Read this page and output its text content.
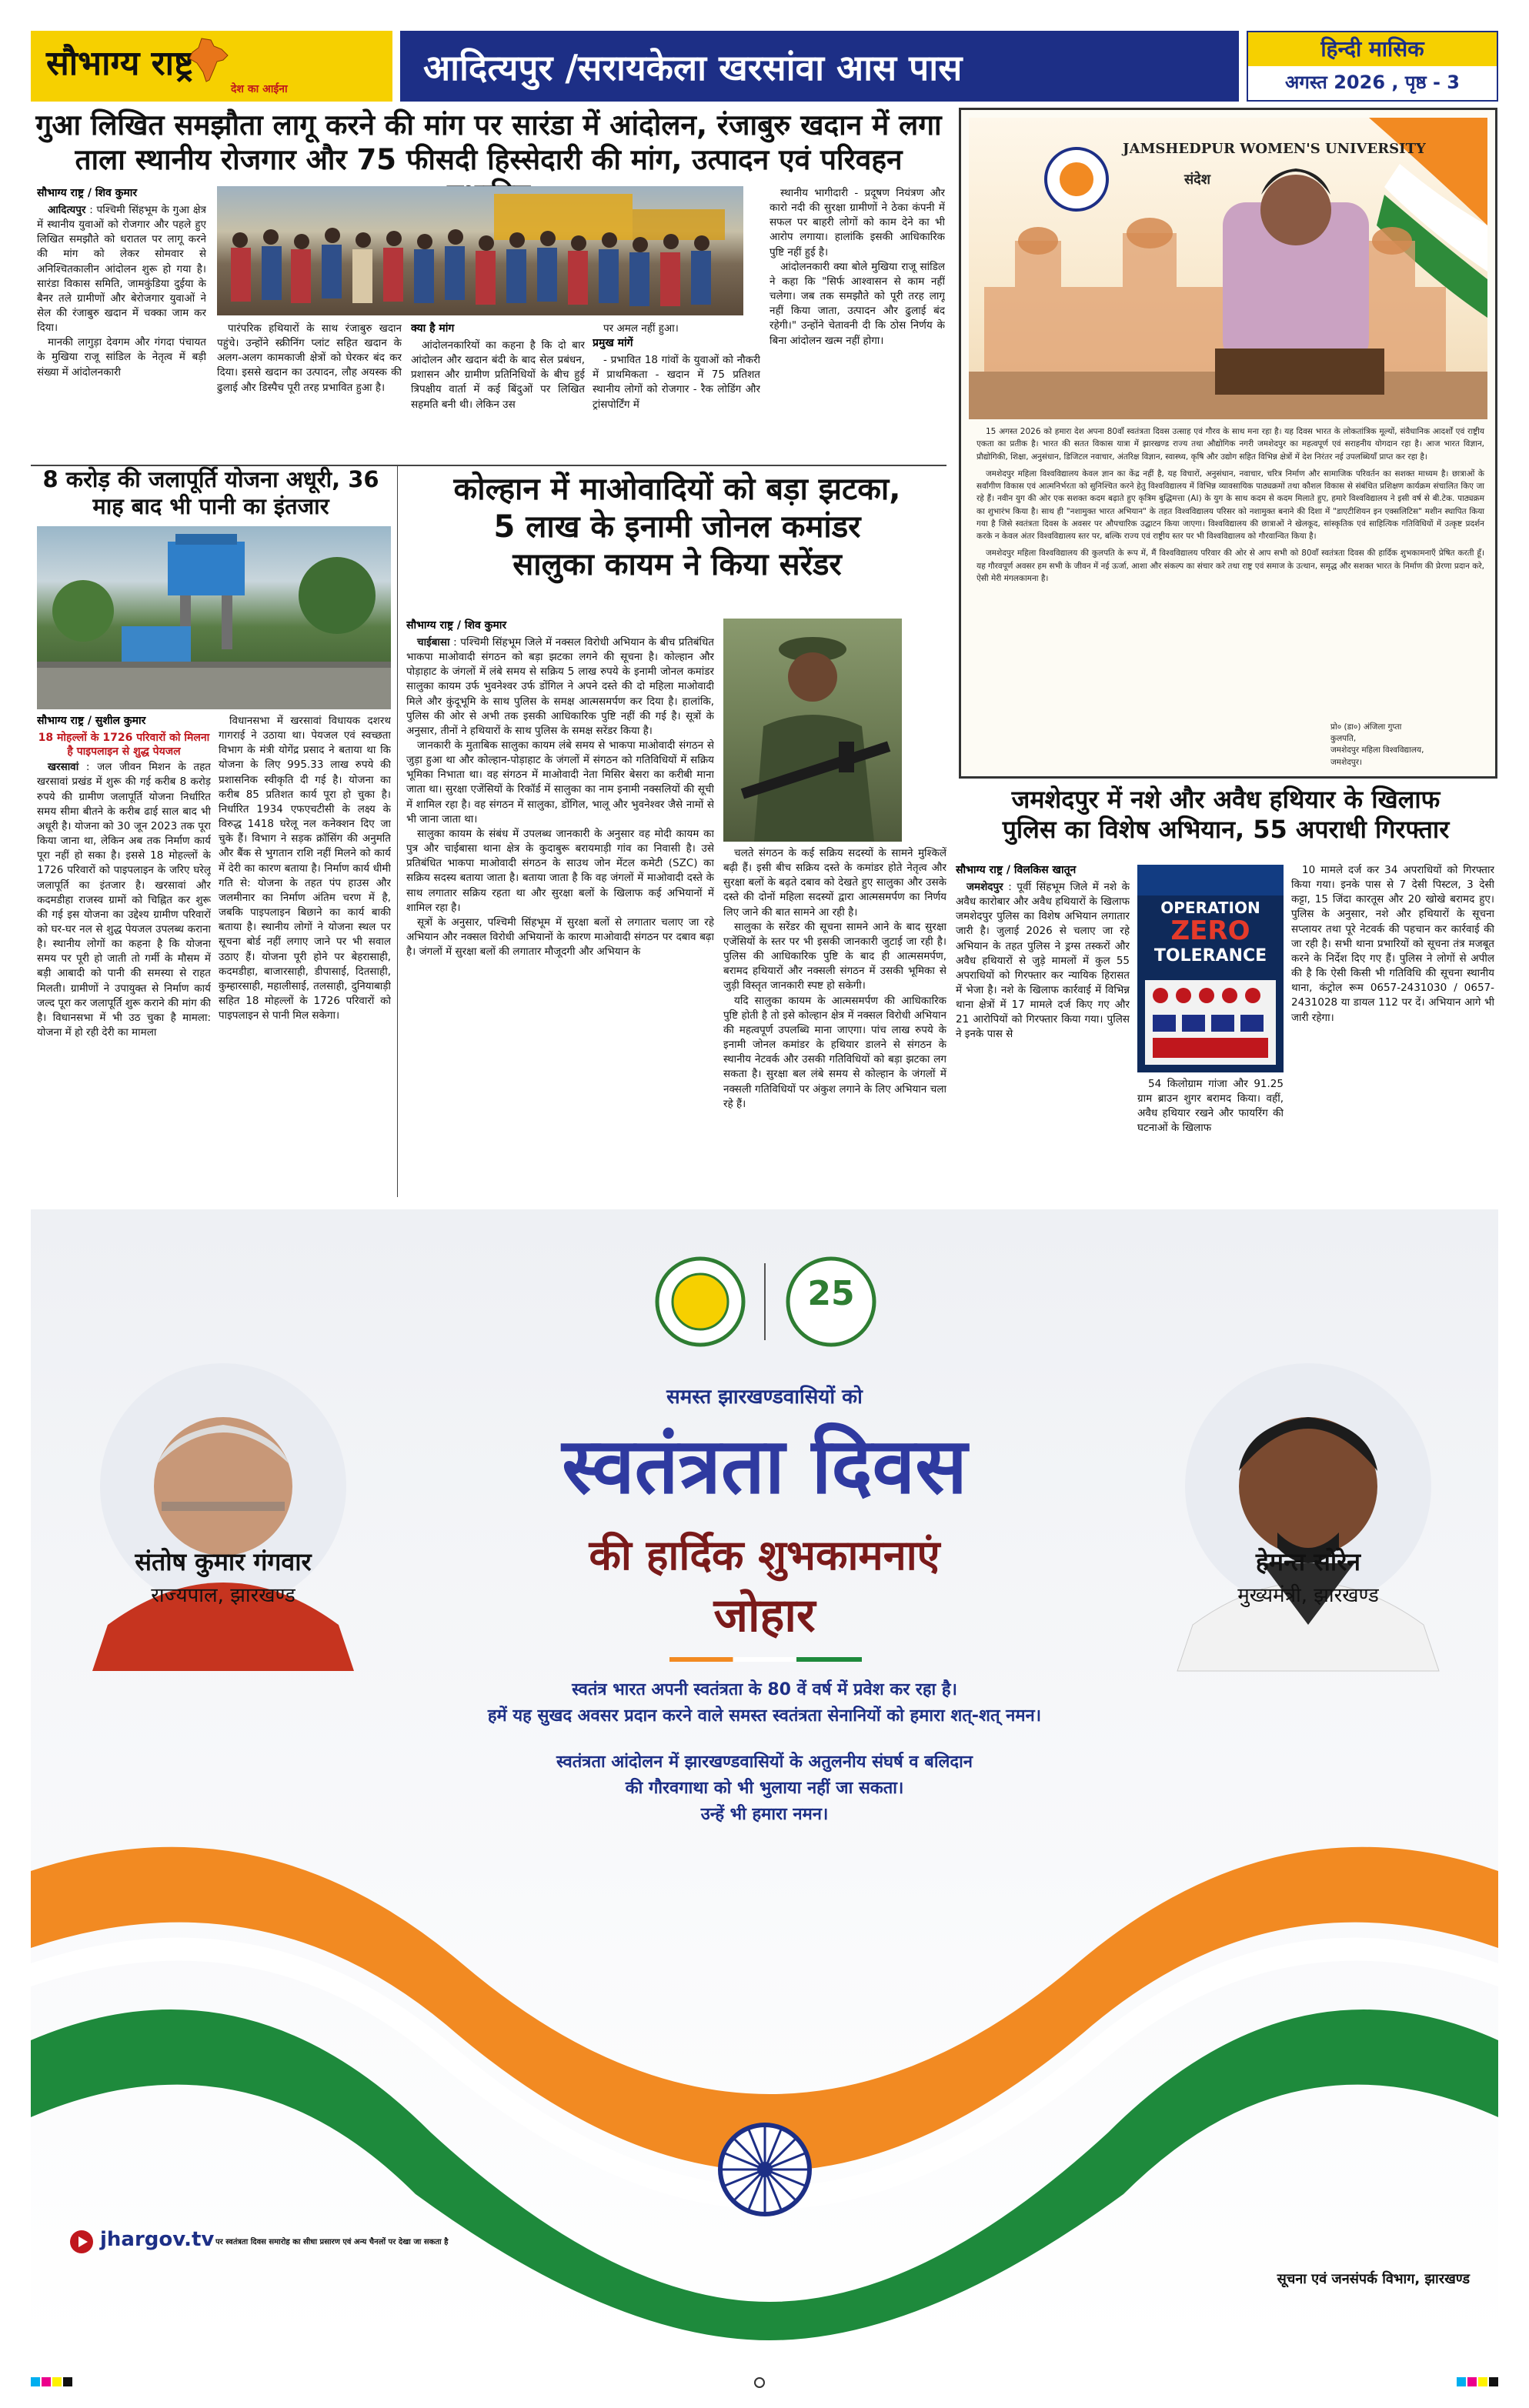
सौभाग्य राष्ट्र
देश का आईना
आदित्यपुर /सरायकेला खरसांवा आस पास	हिन्दी मासिक
अगस्त 2026 , पृष्ठ - 3
गुआ लिखित समझौता लागू करने की मांग पर सारंडा में आंदोलन, रंजाबुरु खदान में लगा
ताला स्थानीय रोजगार और 75 फीसदी हिस्सेदारी की मांग, उत्पादन एवं परिवहन
सौभाग्य राष्ट्र / शिव कुमार

आदित्यपुर : पश्चिमी सिंहभूम के गुआ क्षेत्र में स्थानीय युवाओं को रोजगार और पहले हुए लिखित समझौते को धरातल पर लागू करने की मांग को लेकर सोमवार से अनिश्चितकालीन आंदोलन शुरू हो गया है। सारंडा विकास समिति, जामकुंडिया दुईया के बैनर तले ग्रामीणों और बेरोजगार युवाओं ने सेल की रंजाबुरु खदान में चक्का जाम कर दिया।

मानकी लागुड़ा देवगम और गंगदा पंचायत के मुखिया राजू सांडिल के नेतृत्व में बड़ी संख्या में आंदोलनकारी

पारंपरिक हथियारों के साथ रंजाबुरु खदान पहुंचे। उन्होंने स्क्रीनिंग प्लांट सहित खदान के अलग-अलग कामकाजी क्षेत्रों को घेरकर बंद कर दिया। इससे खदान का उत्पादन, लौह अयस्क की ढुलाई और डिस्पैच पूरी तरह प्रभावित हुआ है।

क्या है मांग

आंदोलनकारियों का कहना है कि दो बार आंदोलन और खदान बंदी के बाद सेल प्रबंधन, प्रशासन और ग्रामीण प्रतिनिधियों के बीच हुई त्रिपक्षीय वार्ता में कई बिंदुओं पर लिखित सहमति बनी थी। लेकिन उस

पर अमल नहीं हुआ।

प्रमुख मांगें

- प्रभावित 18 गांवों के युवाओं को नौकरी में प्राथमिकता - खदान में 75 प्रतिशत स्थानीय लोगों को रोजगार - रैक लोडिंग और ट्रांसपोर्टिंग में

स्थानीय भागीदारी - प्रदूषण नियंत्रण और कारो नदी की सुरक्षा ग्रामीणों ने ठेका कंपनी में सफल पर बाहरी लोगों को काम देने का भी आरोप लगाया। हालांकि इसकी आधिकारिक पुष्टि नहीं हुई है।

आंदोलनकारी क्या बोले मुखिया राजू सांडिल ने कहा कि "सिर्फ आश्वासन से काम नहीं चलेगा। जब तक समझौते को पूरी तरह लागू नहीं किया जाता, उत्पादन और ढुलाई बंद रहेगी।" उन्होंने चेतावनी दी कि ठोस निर्णय के बिना आंदोलन खत्म नहीं होगा।

8 करोड़ की जलापूर्ति योजना अधूरी, 36 माह बाद भी पानी का इंतजार
सौभाग्य राष्ट्र / सुशील कुमार
18 मोहल्लों के 1726 परिवारों को मिलना है पाइपलाइन से शुद्ध पेयजल

खरसावां : जल जीवन मिशन के तहत खरसावां प्रखंड में शुरू की गई करीब 8 करोड़ रुपये की ग्रामीण जलापूर्ति योजना निर्धारित समय सीमा बीतने के करीब ढाई साल बाद भी अधूरी है। योजना को 30 जून 2023 तक पूरा किया जाना था, लेकिन अब तक निर्माण कार्य पूरा नहीं हो सका है। इससे 18 मोहल्लों के 1726 परिवारों को पाइपलाइन के जरिए घरेलू जलापूर्ति का इंतजार है। खरसावां और कदमडीहा राजस्व ग्रामों को चिह्नित कर शुरू की गई इस योजना का उद्देश्य ग्रामीण परिवारों को घर-घर नल से शुद्ध पेयजल उपलब्ध कराना है। स्थानीय लोगों का कहना है कि योजना समय पर पूरी हो जाती तो गर्मी के मौसम में बड़ी आबादी को पानी की समस्या से राहत मिलती। ग्रामीणों ने उपायुक्त से निर्माण कार्य जल्द पूरा कर जलापूर्ति शुरू कराने की मांग की है। विधानसभा में भी उठ चुका है मामला: योजना में हो रही देरी का मामला

विधानसभा में खरसावां विधायक दशरथ गागराई ने उठाया था। पेयजल एवं स्वच्छता विभाग के मंत्री योगेंद्र प्रसाद ने बताया था कि योजना के लिए 995.33 लाख रुपये की प्रशासनिक स्वीकृति दी गई है। योजना का करीब 85 प्रतिशत कार्य पूरा हो चुका है। निर्धारित 1934 एफएचटीसी के लक्ष्य के विरुद्ध 1418 घरेलू नल कनेक्शन दिए जा चुके हैं। विभाग ने सड़क क्रॉसिंग की अनुमति और बैंक से भुगतान राशि नहीं मिलने को कार्य में देरी का कारण बताया है। निर्माण कार्य धीमी गति से: योजना के तहत पंप हाउस और जलमीनार का निर्माण अंतिम चरण में है, जबकि पाइपलाइन बिछाने का कार्य बाकी बताया है। स्थानीय लोगों ने योजना स्थल पर सूचना बोर्ड नहीं लगाए जाने पर भी सवाल उठाए हैं। योजना पूरी होने पर बेहरासाही, कदमडीहा, बाजारसाही, डीपासाई, दितसाही, कुम्हारसाही, महालीसाई, तलसाही, दुनियाबाड़ी सहित 18 मोहल्लों के 1726 परिवारों को पाइपलाइन से पानी मिल सकेगा।

कोल्हान में माओवादियों को बड़ा झटका,
5 लाख के इनामी जोनल कमांडर
सालुका कायम ने किया सरेंडर
सौभाग्य राष्ट्र / शिव कुमार

चाईबासा : पश्चिमी सिंहभूम जिले में नक्सल विरोधी अभियान के बीच प्रतिबंधित भाकपा माओवादी संगठन को बड़ा झटका लगने की सूचना है। कोल्हान और पोड़ाहाट के जंगलों में लंबे समय से सक्रिय 5 लाख रुपये के इनामी जोनल कमांडर सालुका कायम उर्फ भुवनेश्वर उर्फ डोंगिल ने अपने दस्ते की दो महिला माओवादी मिले और कुंदूभूमि के साथ पुलिस के समक्ष आत्मसमर्पण कर दिया है। हालांकि, पुलिस की ओर से अभी तक इसकी आधिकारिक पुष्टि नहीं की गई है। सूत्रों के अनुसार, तीनों ने हथियारों के साथ पुलिस के समक्ष सरेंडर किया है।

जानकारी के मुताबिक सालुका कायम लंबे समय से भाकपा माओवादी संगठन से जुड़ा हुआ था और कोल्हान-पोड़ाहाट के जंगलों में संगठन को गतिविधियों में सक्रिय भूमिका निभाता था। वह संगठन में माओवादी नेता मिसिर बेसरा का करीबी माना जाता था। सुरक्षा एजेंसियों के रिकॉर्ड में सालुका का नाम इनामी नक्सलियों की सूची में शामिल रहा है। वह संगठन में सालुका, डोंगिल, भालू और भुवनेश्वर जैसे नामों से भी जाना जाता था।

सालुका कायम के संबंध में उपलब्ध जानकारी के अनुसार वह मोदी कायम का पुत्र और चाईबासा थाना क्षेत्र के कुदाबुरू बरायमाड़ी गांव का निवासी है। उसे प्रतिबंधित भाकपा माओवादी संगठन के साउथ जोन मेंटल कमेटी (SZC) का सक्रिय सदस्य बताया जाता है। बताया जाता है कि वह जंगलों में माओवादी दस्ते के साथ लगातार सक्रिय रहता था और सुरक्षा बलों के खिलाफ कई अभियानों में शामिल रहा है।

सूत्रों के अनुसार, पश्चिमी सिंहभूम में सुरक्षा बलों से लगातार चलाए जा रहे अभियान और नक्सल विरोधी अभियानों के कारण माओवादी संगठन पर दबाव बढ़ा है। जंगलों में सुरक्षा बलों की लगातार मौजूदगी और अभियान के

चलते संगठन के कई सक्रिय सदस्यों के सामने मुश्किलें बढ़ी हैं। इसी बीच सक्रिय दस्ते के कमांडर होते नेतृत्व और सुरक्षा बलों के बढ़ते दबाव को देखते हुए सालुका और उसके दस्ते की दोनों महिला सदस्यों द्वारा आत्मसमर्पण का निर्णय लिए जाने की बात सामने आ रही है।

सालुका के सरेंडर की सूचना सामने आने के बाद सुरक्षा एजेंसियों के स्तर पर भी इसकी जानकारी जुटाई जा रही है। पुलिस की आधिकारिक पुष्टि के बाद ही आत्मसमर्पण, बरामद हथियारों और नक्सली संगठन में उसकी भूमिका से जुड़ी विस्तृत जानकारी स्पष्ट हो सकेगी।

यदि सालुका कायम के आत्मसमर्पण की आधिकारिक पुष्टि होती है तो इसे कोल्हान क्षेत्र में नक्सल विरोधी अभियान की महत्वपूर्ण उपलब्धि माना जाएगा। पांच लाख रुपये के इनामी जोनल कमांडर के हथियार डालने से संगठन के स्थानीय नेटवर्क और उसकी गतिविधियों को बड़ा झटका लग सकता है। सुरक्षा बल लंबे समय से कोल्हान के जंगलों में नक्सली गतिविधियों पर अंकुश लगाने के लिए अभियान चला रहे हैं।

JAMSHEDPUR WOMEN'S UNIVERSITY
संदेश

15 अगस्त 2026 को हमारा देश अपना 80वाँ स्वतंत्रता दिवस उत्साह एवं गौरव के साथ मना रहा है। यह दिवस भारत के लोकतांत्रिक मूल्यों, संवैधानिक आदर्शों एवं राष्ट्रीय एकता का प्रतीक है। भारत की सतत विकास यात्रा में झारखण्ड राज्य तथा औद्योगिक नगरी जमशेदपुर का महत्वपूर्ण एवं सराहनीय योगदान रहा है। आज भारत विज्ञान, प्रौद्योगिकी, शिक्षा, अनुसंधान, डिजिटल नवाचार, अंतरिक्ष विज्ञान, स्वास्थ्य, कृषि और उद्योग सहित विभिन्न क्षेत्रों में देश निरंतर नई उपलब्धियाँ प्राप्त कर रहा है।

जमशेदपुर महिला विश्वविद्यालय केवल ज्ञान का केंद्र नहीं है, यह विचारों, अनुसंधान, नवाचार, चरित्र निर्माण और सामाजिक परिवर्तन का सशक्त माध्यम है। छात्राओं के सर्वांगीण विकास एवं आत्मनिर्भरता को सुनिश्चित करने हेतु विश्वविद्यालय में विभिन्न व्यावसायिक पाठ्यक्रमों तथा कौशल विकास से संबंधित प्रशिक्षण कार्यक्रम संचालित किए जा रहे हैं। नवीन युग की ओर एक सशक्त कदम बढ़ाते हुए कृत्रिम बुद्धिमत्ता (AI) के युग के साथ कदम से कदम मिलाते हुए, हमारे विश्वविद्यालय ने इसी वर्ष से बी.टेक. पाठ्यक्रम का शुभारंभ किया है। साथ ही "नशामुक्त भारत अभियान" के तहत विश्वविद्यालय परिसर को नशामुक्त बनाने की दिशा में "डाएटीशियन इन एक्सलिटिस" मशीन स्थापित किया गया है जिसे स्वतंत्रता दिवस के अवसर पर औपचारिक उद्घाटन किया जाएगा। विश्वविद्यालय की छात्राओं ने खेलकूद, सांस्कृतिक एवं साहित्यिक गतिविधियों में उत्कृष्ट प्रदर्शन करके न केवल अंतर विश्वविद्यालय स्तर पर, बल्कि राज्य एवं राष्ट्रीय स्तर पर भी विश्वविद्यालय को गौरवान्वित किया है।

जमशेदपुर महिला विश्वविद्यालय की कुलपति के रूप में, मैं विश्वविद्यालय परिवार की ओर से आप सभी को 80वाँ स्वतंत्रता दिवस की हार्दिक शुभकामनाएँ प्रेषित करती हूँ। यह गौरवपूर्ण अवसर हम सभी के जीवन में नई ऊर्जा, आशा और संकल्प का संचार करे तथा राष्ट्र एवं समाज के उत्थान, समृद्ध और सशक्त भारत के निर्माण की प्रेरणा प्रदान करे, ऐसी मेरी मंगलकामना है।

प्रो० (डा०) अंजिला गुप्ता
कुलपति,
जमशेदपुर महिला विश्वविद्यालय,
जमशेदपुर।
जमशेदपुर में नशे और अवैध हथियार के खिलाफ
पुलिस का विशेष अभियान, 55 अपराधी गिरफ्तार
सौभाग्य राष्ट्र / विलकिस खातून

जमशेदपुर : पूर्वी सिंहभूम जिले में नशे के अवैध कारोबार और अवैध हथियारों के खिलाफ जमशेदपुर पुलिस का विशेष अभियान लगातार जारी है। जुलाई 2026 से चलाए जा रहे अभियान के तहत पुलिस ने ड्रग्स तस्करों और अवैध हथियारों से जुड़े मामलों में कुल 55 अपराधियों को गिरफ्तार कर न्यायिक हिरासत में भेजा है। नशे के खिलाफ कार्रवाई में विभिन्न थाना क्षेत्रों में 17 मामले दर्ज किए गए और 21 आरोपियों को गिरफ्तार किया गया। पुलिस ने इनके पास से

OPERATION
ZERO
TOLERANCE

54 किलोग्राम गांजा और 91.25 ग्राम ब्राउन शुगर बरामद किया। वहीं, अवैध हथियार रखने और फायरिंग की घटनाओं के खिलाफ

10 मामले दर्ज कर 34 अपराधियों को गिरफ्तार किया गया। इनके पास से 7 देसी पिस्टल, 3 देसी कट्टा, 15 जिंदा कारतूस और 20 खोखे बरामद हुए। पुलिस के अनुसार, नशे और हथियारों के सूचना सप्लायर तथा पूरे नेटवर्क की पहचान कर कार्रवाई की जा रही है। सभी थाना प्रभारियों को सूचना तंत्र मजबूत करने के निर्देश दिए गए हैं। पुलिस ने लोगों से अपील की है कि ऐसी किसी भी गतिविधि की सूचना स्थानीय थाना, कंट्रोल रूम 0657-2431030 / 0657-2431028 या डायल 112 पर दें। अभियान आगे भी जारी रहेगा।

25
समस्त झारखण्डवासियों को
स्वतंत्रता दिवस
की हार्दिक शुभकामनाएं
जोहार
संतोष कुमार गंगवार
राज्यपाल, झारखण्ड
हेमन्त सोरेन
मुख्यमंत्री, झारखण्ड
स्वतंत्र भारत अपनी स्वतंत्रता के 80 वें वर्ष में प्रवेश कर रहा है।
हमें यह सुखद अवसर प्रदान करने वाले समस्त स्वतंत्रता सेनानियों को हमारा शत्-शत् नमन।
स्वतंत्रता आंदोलन में झारखण्डवासियों के अतुलनीय संघर्ष व बलिदान
की गौरवगाथा को भी भुलाया नहीं जा सकता।
उन्हें भी हमारा नमन।
jhargov.tv पर स्वतंत्रता दिवस समारोह का सीधा प्रसारण एवं अन्य चैनलों पर देखा जा सकता है
सूचना एवं जनसंपर्क विभाग, झारखण्ड
